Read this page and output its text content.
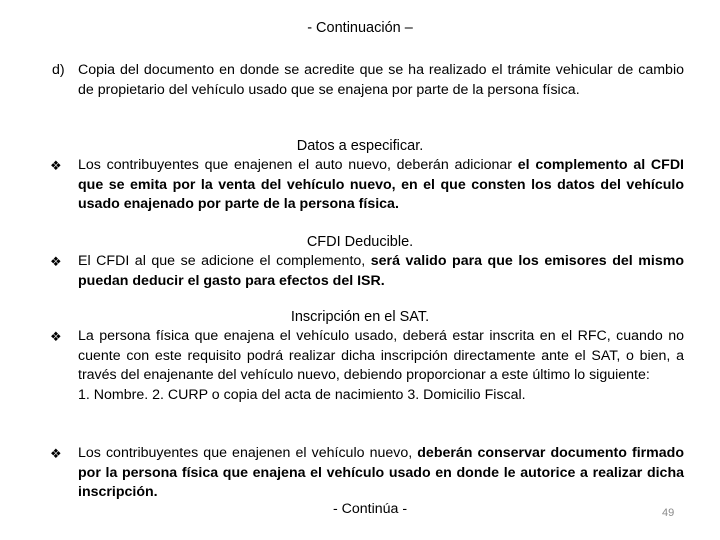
- Continuación –
d) Copia del documento en donde se acredite que se ha realizado el trámite vehicular de cambio de propietario del vehículo usado que se enajena por parte de la persona física.
Datos a especificar.
❖	Los contribuyentes que enajenen el auto nuevo, deberán adicionar el complemento al CFDI que se emita por la venta del vehículo nuevo, en el que consten los datos del vehículo usado enajenado por parte de la persona física.
CFDI Deducible.
❖	El CFDI al que se adicione el complemento, será valido para que los emisores del mismo puedan deducir el gasto para efectos del ISR.
Inscripción en el SAT.
❖	La persona física que enajena el vehículo usado, deberá estar inscrita en el RFC, cuando no cuente con este requisito podrá realizar dicha inscripción directamente ante el SAT, o bien, a través del enajenante del vehículo nuevo, debiendo proporcionar a este último lo siguiente:
1. Nombre. 2. CURP o copia del acta de nacimiento 3. Domicilio Fiscal.
❖	Los contribuyentes que enajenen el vehículo nuevo, deberán conservar documento firmado por la persona física que enajena el vehículo usado en donde le autorice a realizar dicha inscripción.
- Continúa -	49
